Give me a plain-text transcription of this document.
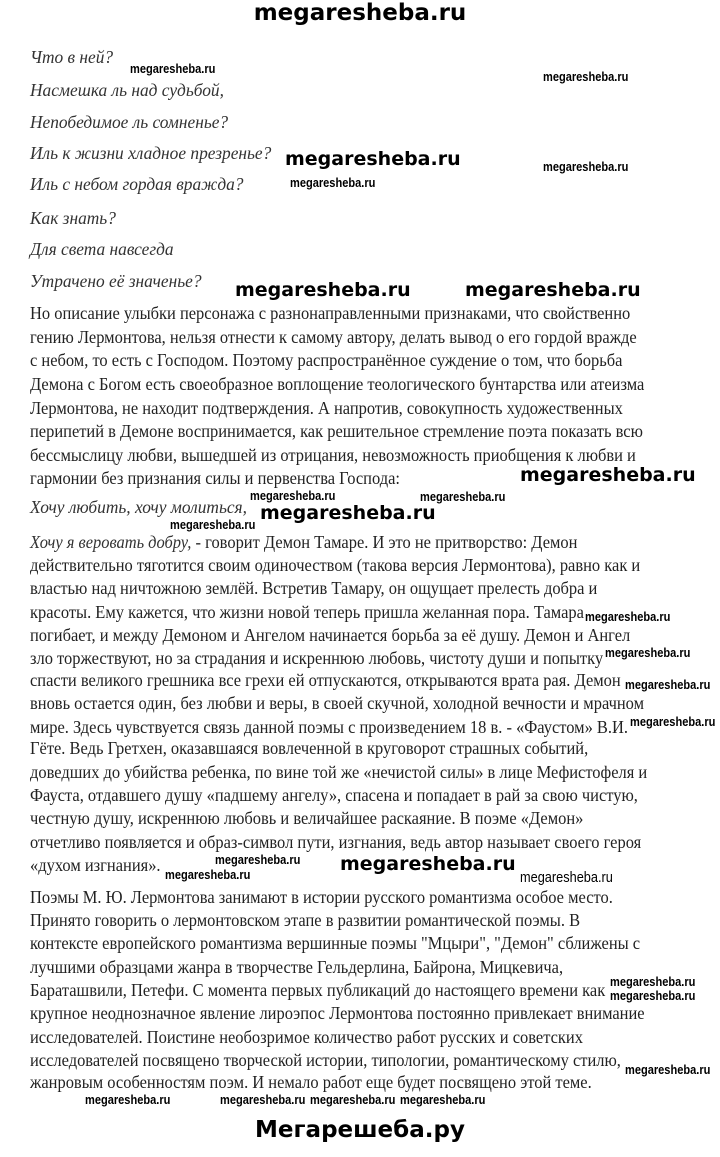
megaresheba.ru
Что в ней?
Насмешка ль над судьбой,
Непобедимое ль сомненье?
Иль к жизни хладное презренье?
Иль с небом гордая вражда?
Как знать?
Для света навсегда
Утрачено её значенье?
Но описание улыбки персонажа с разнонаправленными признаками, что свойственно
гению Лермонтова, нельзя отнести к самому автору, делать вывод о его гордой вражде
с небом, то есть с Господом. Поэтому распространённое суждение о том, что борьба
Демона с Богом есть своеобразное воплощение теологического бунтарства или атеизма
Лермонтова, не находит подтверждения. А напротив, совокупность художественных
перипетий в Демоне воспринимается, как решительное стремление поэта показать всю
бессмыслицу любви, вышедшей из отрицания, невозможность приобщения к любви и
гармонии без признания силы и первенства Господа:
Хочу любить, хочу молиться,
Хочу я веровать добру, - говорит Демон Тамаре. И это не притворство: Демон
действительно тяготится своим одиночеством (такова версия Лермонтова), равно как и
властью над ничтожною землёй. Встретив Тамару, он ощущает прелесть добра и
красоты. Ему кажется, что жизни новой теперь пришла желанная пора. Тамара
погибает, и между Демоном и Ангелом начинается борьба за её душу. Демон и Ангел
зло торжествуют, но за страдания и искреннюю любовь, чистоту души и попытку
спасти великого грешника все грехи ей отпускаются, открываются врата рая. Демон
вновь остается один, без любви и веры, в своей скучной, холодной вечности и мрачном
мире. Здесь чувствуется связь данной поэмы с произведением 18 в. - «Фаустом» В.И.
Гёте. Ведь Гретхен, оказавшаяся вовлеченной в круговорот страшных событий,
доведших до убийства ребенка, по вине той же «нечистой силы» в лице Мефистофеля и
Фауста, отдавшего душу «падшему ангелу», спасена и попадает в рай за свою чистую,
честную душу, искреннюю любовь и величайшее раскаяние. В поэме «Демон»
отчетливо появляется и образ-символ пути, изгнания, ведь автор называет своего героя
«духом изгнания».
Поэмы М. Ю. Лермонтова занимают в истории русского романтизма особое место.
Принято говорить о лермонтовском этапе в развитии романтической поэмы. В
контексте европейского романтизма вершинные поэмы "Мцыри", "Демон" сближены с
лучшими образцами жанра в творчестве Гельдерлина, Байрона, Мицкевича,
Бараташвили, Петефи. С момента первых публикаций до настоящего времени как
крупное неоднозначное явление лироэпос Лермонтова постоянно привлекает внимание
исследователей. Поистине необозримое количество работ русских и советских
исследователей посвящено творческой истории, типологии, романтическому стилю,
жанровым особенностям поэм. И немало работ еще будет посвящено этой теме.
megaresheba.ru
megaresheba.ru
megaresheba.ru
megaresheba.ru
megaresheba.ru
megaresheba.ru	megaresheba.ru
megaresheba.ru
megaresheba.ru
megaresheba.ru
megaresheba.ru
megaresheba.ru
megaresheba.ru
megaresheba.ru
megaresheba.ru
megaresheba.ru
megaresheba.ru
megaresheba.ru	megaresheba.ru
megaresheba.ru
megaresheba.ru	megaresheba.ru
megaresheba.ru
megaresheba.ru
megaresheba.ru megaresheba.ru
megaresheba.ru
Мегарешеба.ру
